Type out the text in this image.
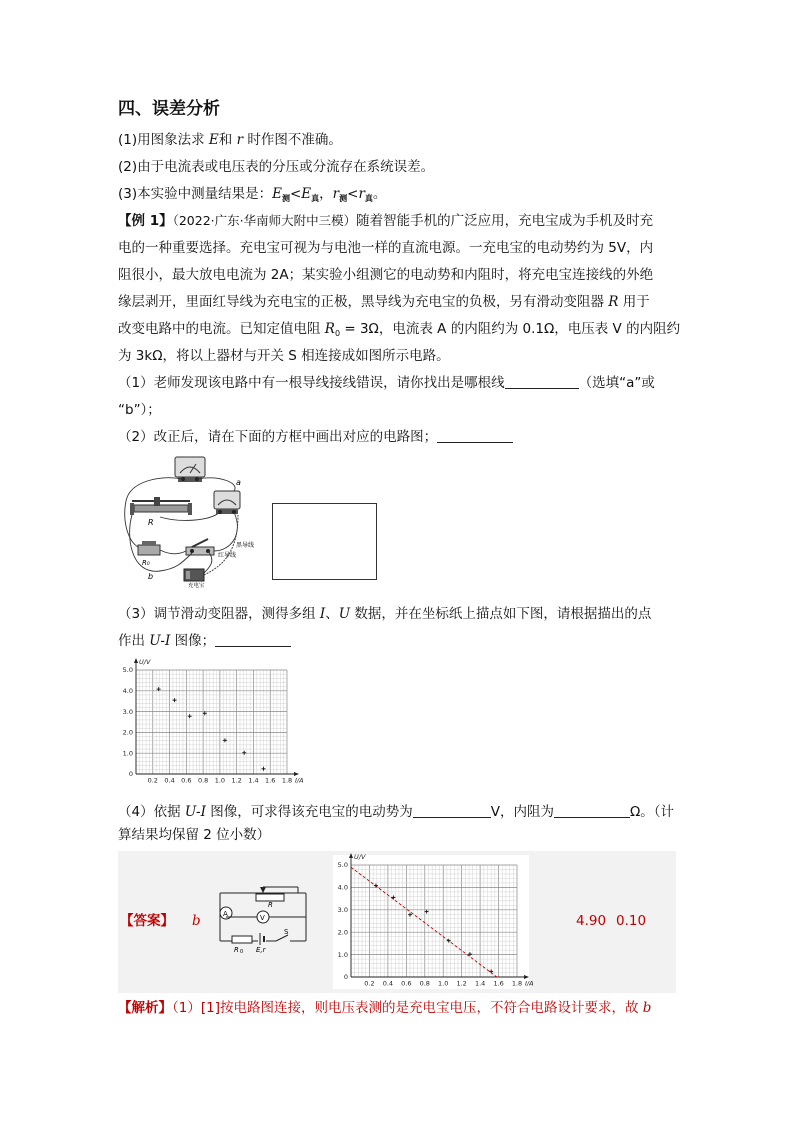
四、误差分析
(1)用图象法求 E和 r 时作图不准确。
(2)由于电流表或电压表的分压或分流存在系统误差。
(3)本实验中测量结果是：$E_测<E_真$，$r_测<r_真$。
【例 1】（2022·广东·华南师大附中三模）随着智能手机的广泛应用，充电宝成为手机及时充
电的一种重要选择。充电宝可视为与电池一样的直流电源。一充电宝的电动势约为 5V，内
阻很小，最大放电电流为 2A；某实验小组测它的电动势和内阻时，将充电宝连接线的外绝
缘层剥开，里面红导线为充电宝的正极，黑导线为充电宝的负极，另有滑动变阻器 R 用于
改变电路中的电流。已知定值电阻 $R_0 = 3\Omega$，电流表 A 的内阻约为 0.1Ω，电压表 V 的内阻约
为 3kΩ，将以上器材与开关 S 相连接成如图所示电路。
（1）老师发现该电路中有一根导线接线错误，请你找出是哪根线	（选填“a”或
“b”）；
（2）改正后，请在下面的方框中画出对应的电路图；
a
R
R₀
b
黑导线
红导线
充电宝
（3）调节滑动变阻器，测得多组 I、U 数据，并在坐标纸上描点如下图，请根据描出的点
作出 U-I 图像；
0.2 0.4 0.6 0.8 1.0 1.2 1.4 1.6 1.8
0
1.0
2.0
3.0
4.0
5.0
U/V
I/A
（4）依据 U-I 图像，可求得该充电宝的电动势为	V，内阻为	Ω。（计
算结果均保留 2 位小数）
【答案】 b	A	V
R
R 0 E,r
S
0.2 0.4 0.6 0.8 1.0 1.2 1.4 1.6 1.8
0
1.0
2.0
3.0
4.0
5.0
U/V
I/A
4.90 0.10
【解析】（1）[1]按电路图连接，则电压表测的是充电宝电压，不符合电路设计要求，故 b
